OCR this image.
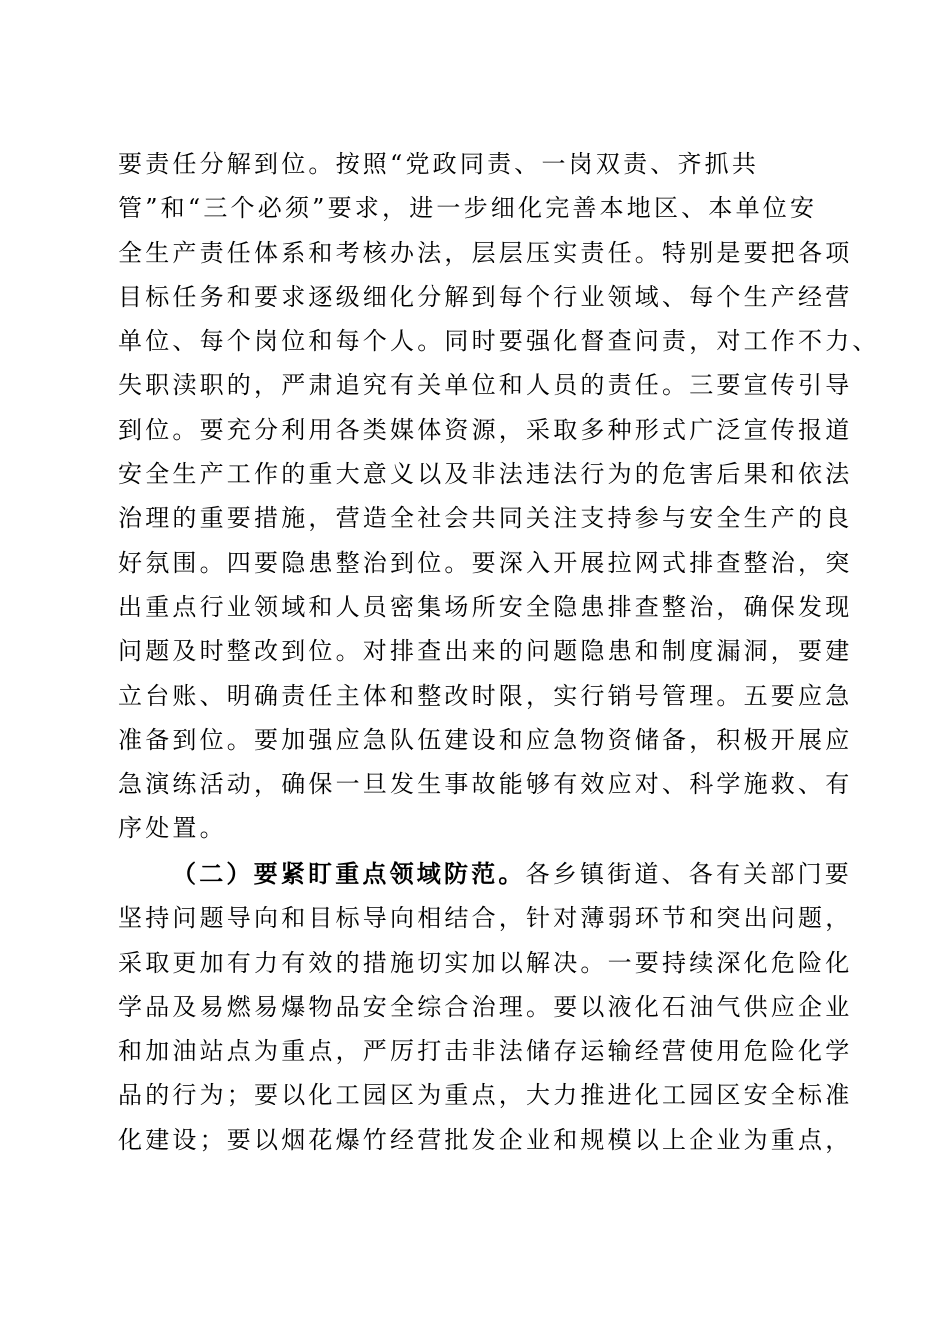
要责任分解到位。按照“党政同责、一岗双责、齐抓共
管”和“三个必须”要求，进一步细化完善本地区、本单位安
全生产责任体系和考核办法，层层压实责任。特别是要把各项
目标任务和要求逐级细化分解到每个行业领域、每个生产经营
单位、每个岗位和每个人。同时要强化督查问责，对工作不力、
失职渎职的，严肃追究有关单位和人员的责任。三要宣传引导
到位。要充分利用各类媒体资源，采取多种形式广泛宣传报道
安全生产工作的重大意义以及非法违法行为的危害后果和依法
治理的重要措施，营造全社会共同关注支持参与安全生产的良
好氛围。四要隐患整治到位。要深入开展拉网式排查整治，突
出重点行业领域和人员密集场所安全隐患排查整治，确保发现
问题及时整改到位。对排查出来的问题隐患和制度漏洞，要建
立台账、明确责任主体和整改时限，实行销号管理。五要应急
准备到位。要加强应急队伍建设和应急物资储备，积极开展应
急演练活动，确保一旦发生事故能够有效应对、科学施救、有
序处置。
（二）要紧盯重点领域防范。各乡镇街道、各有关部门要
坚持问题导向和目标导向相结合，针对薄弱环节和突出问题，
采取更加有力有效的措施切实加以解决。一要持续深化危险化
学品及易燃易爆物品安全综合治理。要以液化石油气供应企业
和加油站点为重点，严厉打击非法储存运输经营使用危险化学
品的行为；要以化工园区为重点，大力推进化工园区安全标准
化建设；要以烟花爆竹经营批发企业和规模以上企业为重点，
